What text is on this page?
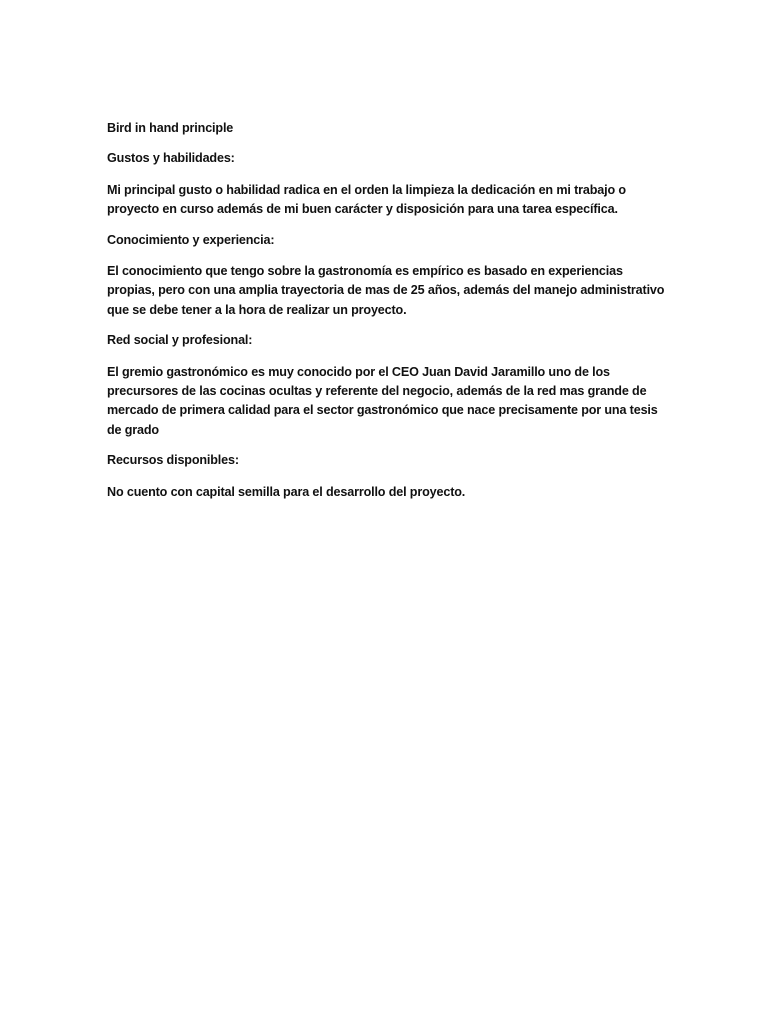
Bird in hand principle

Gustos y habilidades:

Mi principal gusto o habilidad radica en el orden la limpieza la dedicación en mi trabajo o proyecto en curso además de mi buen carácter y disposición para una tarea específica.

Conocimiento y experiencia:

El conocimiento que tengo sobre la gastronomía es empírico es basado en experiencias propias, pero con una amplia trayectoria de mas de 25 años, además del manejo administrativo que se debe tener a la hora de realizar un proyecto.

Red social y profesional:

El gremio gastronómico es muy conocido por el CEO Juan David Jaramillo uno de los precursores de las cocinas ocultas y referente del negocio, además de la red mas grande de mercado de primera calidad para el sector gastronómico que nace precisamente por una tesis de grado

Recursos disponibles:

No cuento con capital semilla para el desarrollo del proyecto.
